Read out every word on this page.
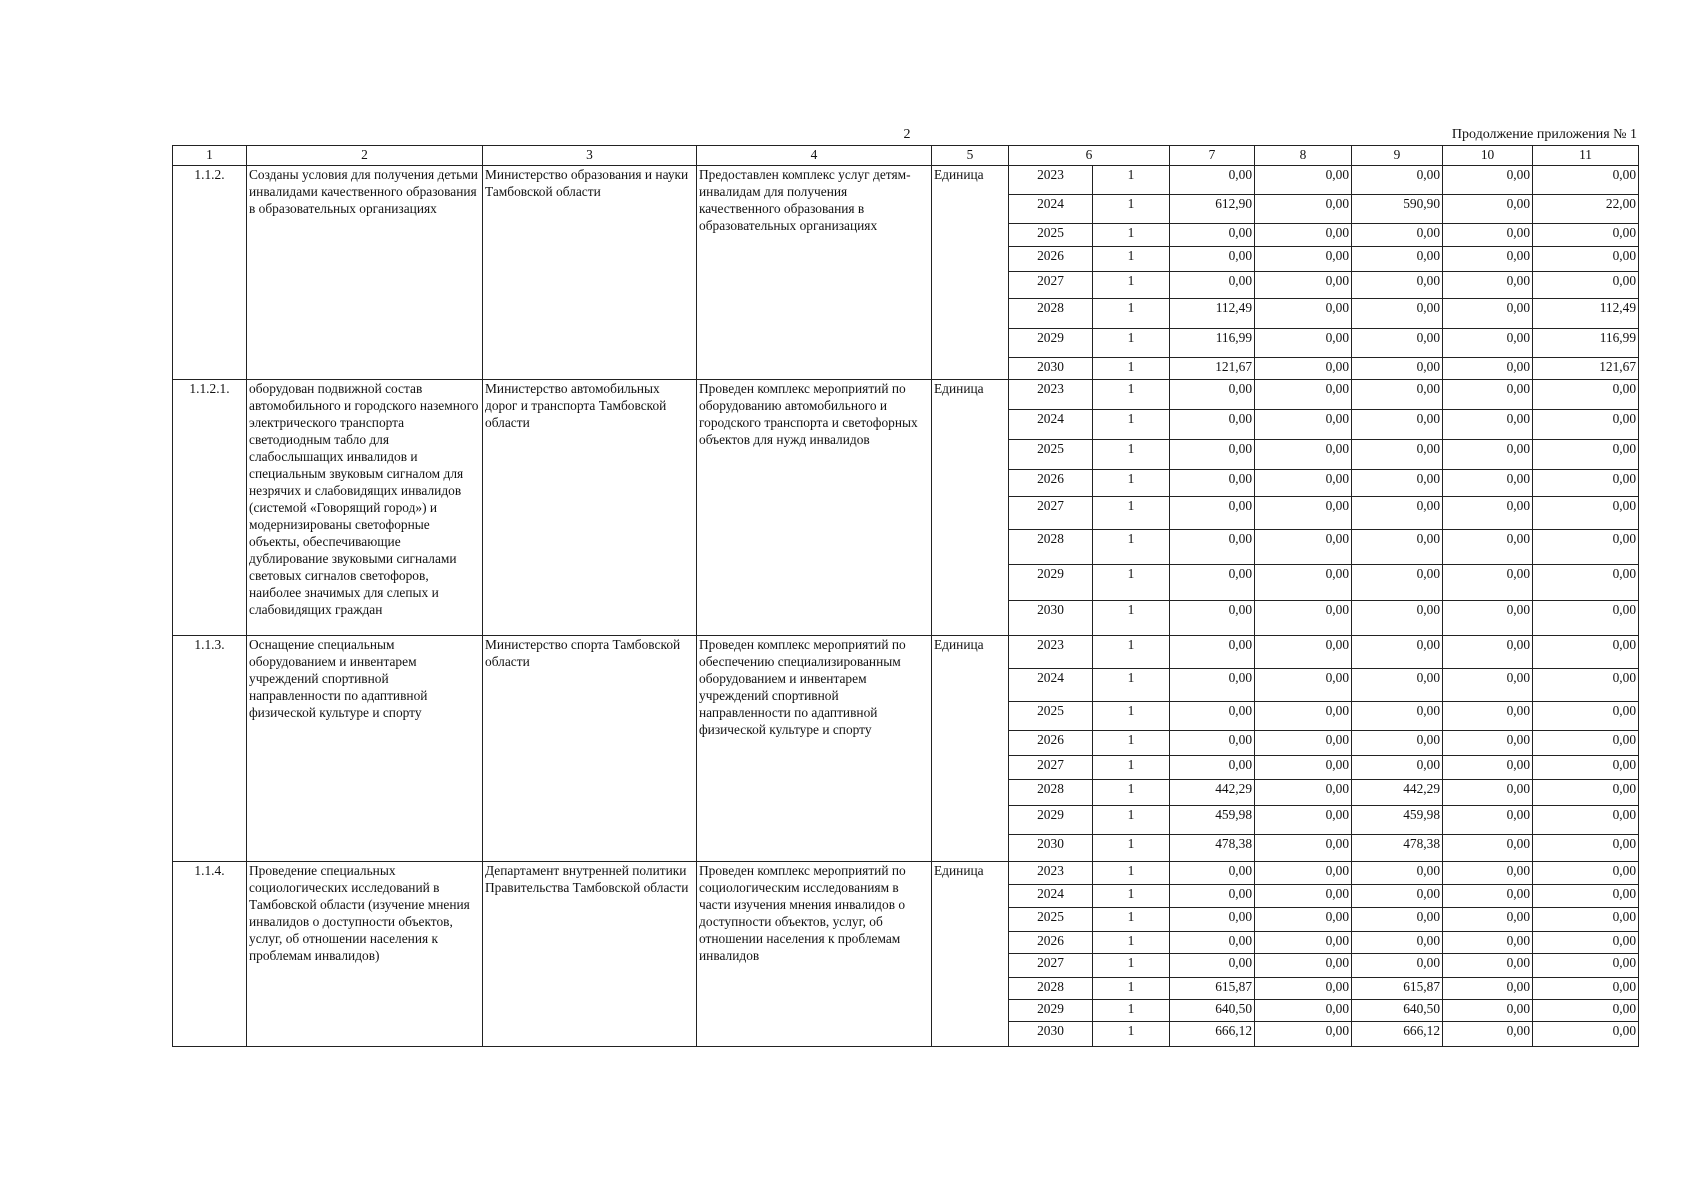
2	Продолжение приложения № 1
1	2	3	4	5	6		7	8	9	10	11
1.1.2.	Созданы условия для получения детьми инвалидами качественного образования в образовательных организациях	Министерство образования и науки Тамбовской области	Предоставлен комплекс услуг детям-инвалидам для получения качественного образования в образовательных организациях	Единица	2023	1	0,00	0,00	0,00	0,00	0,00
					2024	1	612,90	0,00	590,90	0,00	22,00
					2025	1	0,00	0,00	0,00	0,00	0,00
					2026	1	0,00	0,00	0,00	0,00	0,00
					2027	1	0,00	0,00	0,00	0,00	0,00
					2028	1	112,49	0,00	0,00	0,00	112,49
					2029	1	116,99	0,00	0,00	0,00	116,99
					2030	1	121,67	0,00	0,00	0,00	121,67
1.1.2.1.	оборудован подвижной состав автомобильного и городского наземного электрического транспорта светодиодным табло для слабослышащих инвалидов и специальным звуковым сигналом для незрячих и слабовидящих инвалидов (системой «Говорящий город») и модернизированы светофорные объекты, обеспечивающие дублирование звуковыми сигналами световых сигналов светофоров, наиболее значимых для слепых и слабовидящих граждан	Министерство автомобильных дорог и транспорта Тамбовской области	Проведен комплекс мероприятий по оборудованию автомобильного и городского транспорта и светофорных объектов для нужд инвалидов	Единица	2023	1	0,00	0,00	0,00	0,00	0,00
					2024	1	0,00	0,00	0,00	0,00	0,00
					2025	1	0,00	0,00	0,00	0,00	0,00
					2026	1	0,00	0,00	0,00	0,00	0,00
					2027	1	0,00	0,00	0,00	0,00	0,00
					2028	1	0,00	0,00	0,00	0,00	0,00
					2029	1	0,00	0,00	0,00	0,00	0,00
					2030	1	0,00	0,00	0,00	0,00	0,00
1.1.3.	Оснащение специальным оборудованием и инвентарем учреждений спортивной направленности по адаптивной физической культуре и спорту	Министерство спорта Тамбовской области	Проведен комплекс мероприятий по обеспечению специализированным оборудованием и инвентарем учреждений спортивной направленности по адаптивной физической культуре и спорту	Единица	2023	1	0,00	0,00	0,00	0,00	0,00
					2024	1	0,00	0,00	0,00	0,00	0,00
					2025	1	0,00	0,00	0,00	0,00	0,00
					2026	1	0,00	0,00	0,00	0,00	0,00
					2027	1	0,00	0,00	0,00	0,00	0,00
					2028	1	442,29	0,00	442,29	0,00	0,00
					2029	1	459,98	0,00	459,98	0,00	0,00
					2030	1	478,38	0,00	478,38	0,00	0,00
1.1.4.	Проведение специальных социологических исследований в Тамбовской области (изучение мнения инвалидов о доступности объектов, услуг, об отношении населения к проблемам инвалидов)	Департамент внутренней политики Правительства Тамбовской области	Проведен комплекс мероприятий по социологическим исследованиям в части изучения мнения инвалидов о доступности объектов, услуг, об отношении населения к проблемам инвалидов	Единица	2023	1	0,00	0,00	0,00	0,00	0,00
					2024	1	0,00	0,00	0,00	0,00	0,00
					2025	1	0,00	0,00	0,00	0,00	0,00
					2026	1	0,00	0,00	0,00	0,00	0,00
					2027	1	0,00	0,00	0,00	0,00	0,00
					2028	1	615,87	0,00	615,87	0,00	0,00
					2029	1	640,50	0,00	640,50	0,00	0,00
					2030	1	666,12	0,00	666,12	0,00	0,00
